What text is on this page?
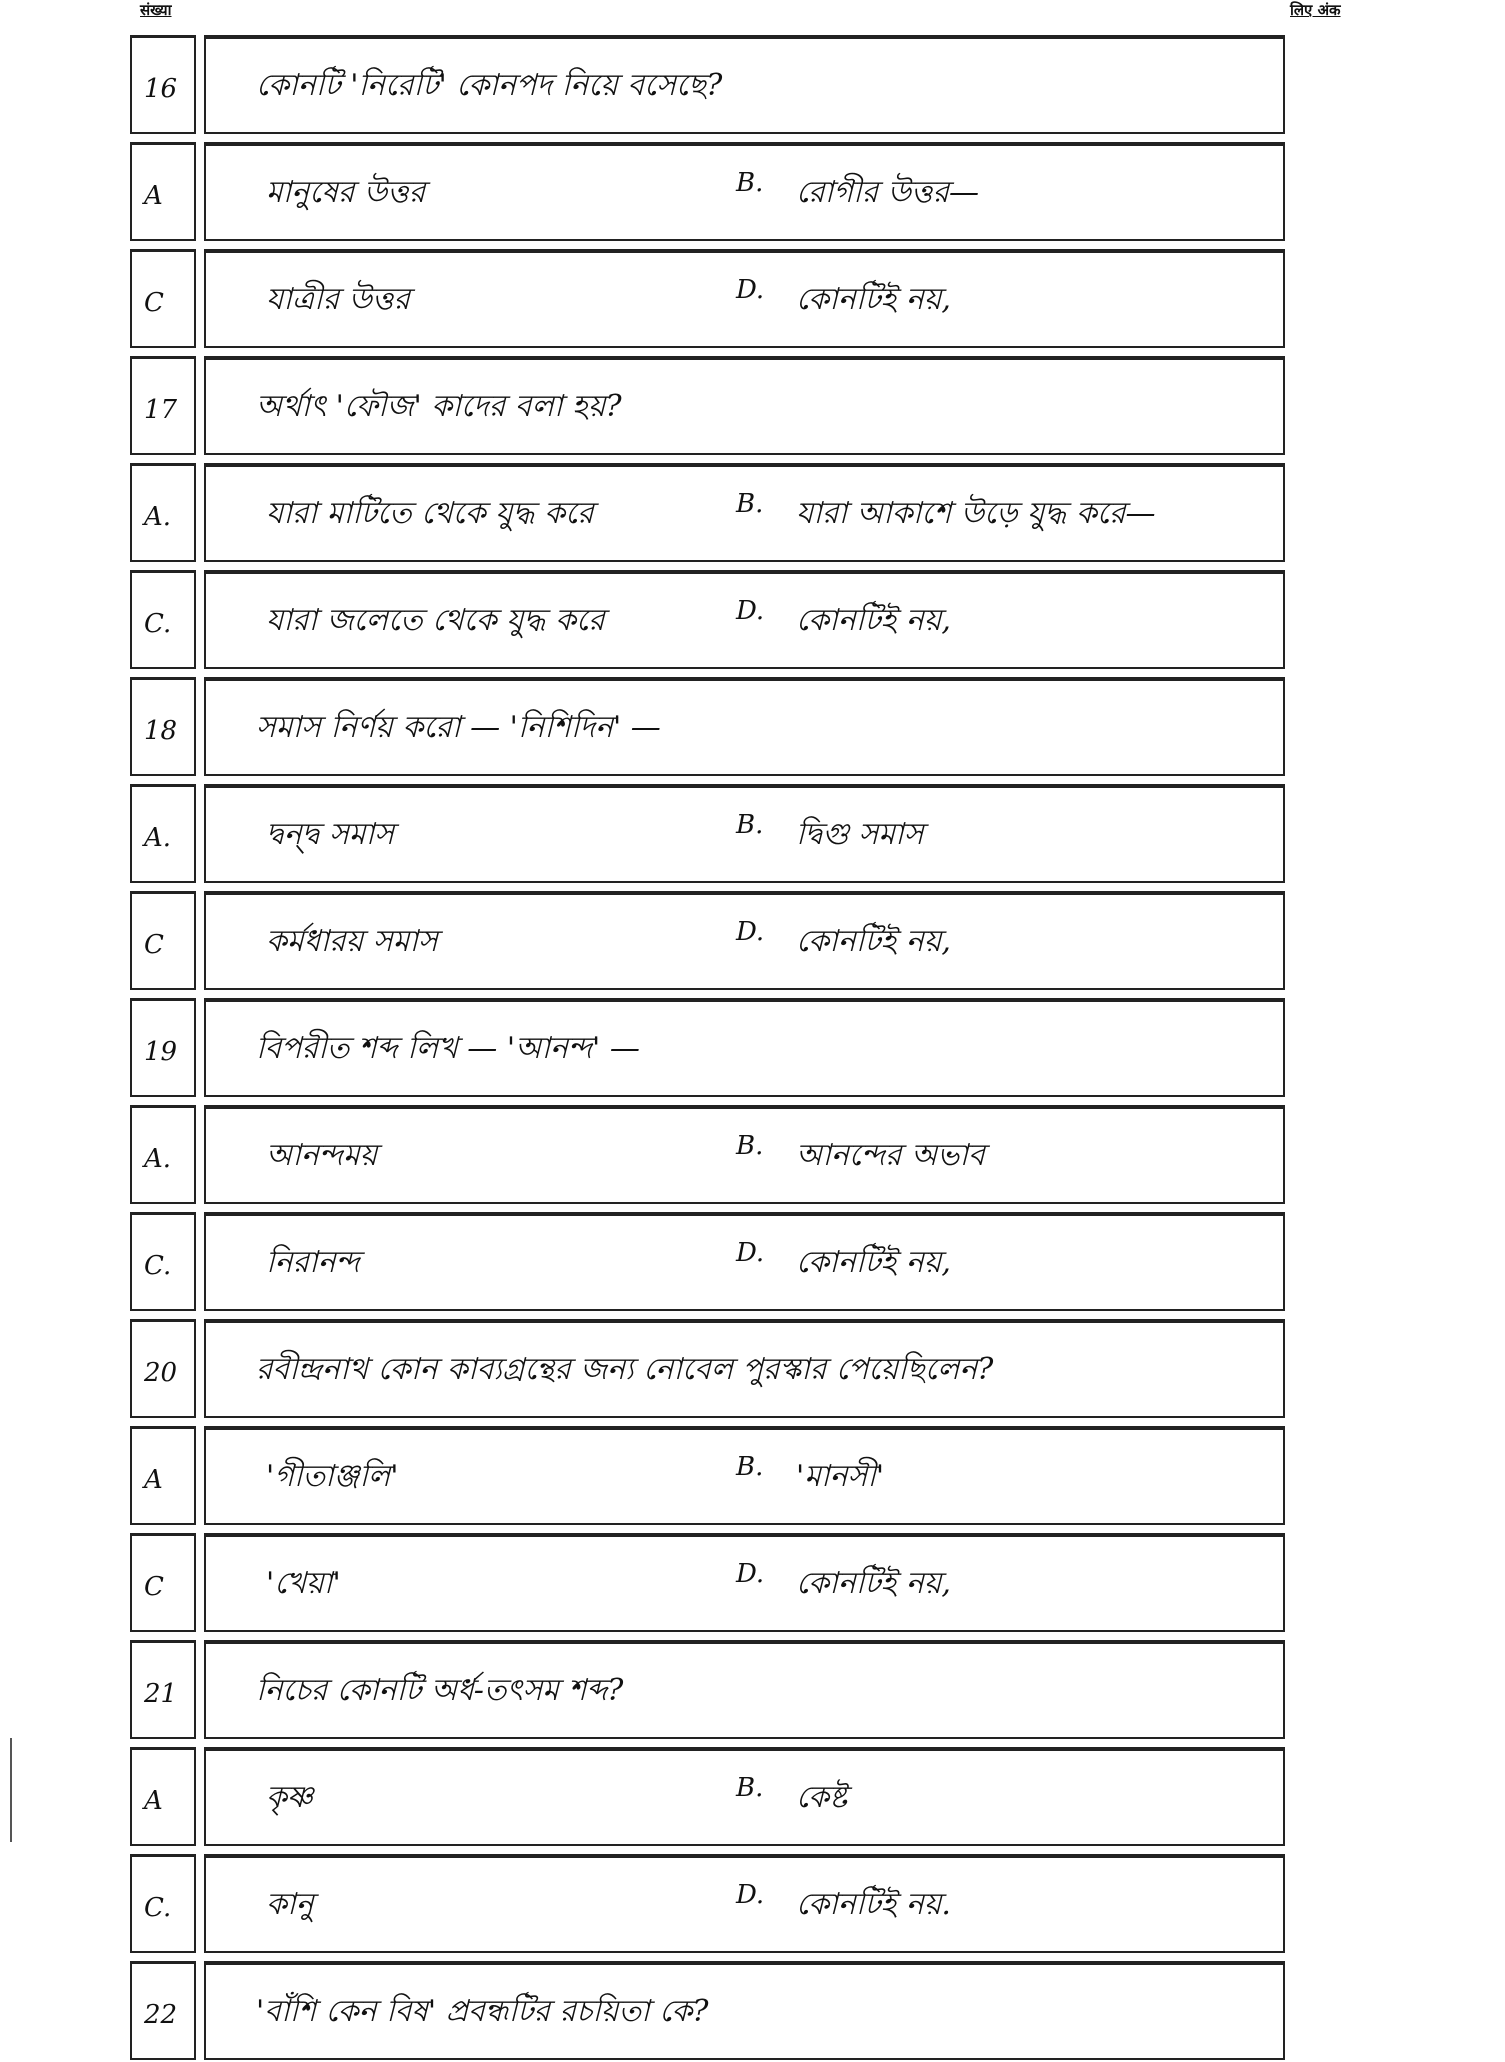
संख्या	लिए अंक
16	কোনটি 'নিরেটি' কোনপদ নিয়ে বসেছে?
A	মানুষের উত্তর	B. রোগীর উত্তর—
C	যাত্রীর উত্তর	D. কোনটিই নয়,
17	অর্থাৎ 'ফৌজ' কাদের বলা হয়?
A.	যারা মাটিতে থেকে যুদ্ধ করে	B. যারা আকাশে উড়ে যুদ্ধ করে—
C.	যারা জলেতে থেকে যুদ্ধ করে	D. কোনটিই নয়,
18	সমাস নির্ণয় করো — 'নিশিদিন' —
A.	দ্বন্দ্ব সমাস	B. দ্বিগু সমাস
C	কর্মধারয় সমাস	D. কোনটিই নয়,
19	বিপরীত শব্দ লিখ — 'আনন্দ' —
A.	আনন্দময়	B. আনন্দের অভাব
C.	নিরানন্দ	D. কোনটিই নয়,
20	রবীন্দ্রনাথ কোন কাব্যগ্রন্থের জন্য নোবেল পুরস্কার পেয়েছিলেন?
A	'গীতাঞ্জলি'	B. 'মানসী'
C	'খেয়া'	D. কোনটিই নয়,
21	নিচের কোনটি অর্ধ-তৎসম শব্দ?
A	কৃষ্ণ	B. কেষ্ট
C.	কানু	D. কোনটিই নয়.
22	'বাঁশি কেন বিষ' প্রবন্ধটির রচয়িতা কে?
